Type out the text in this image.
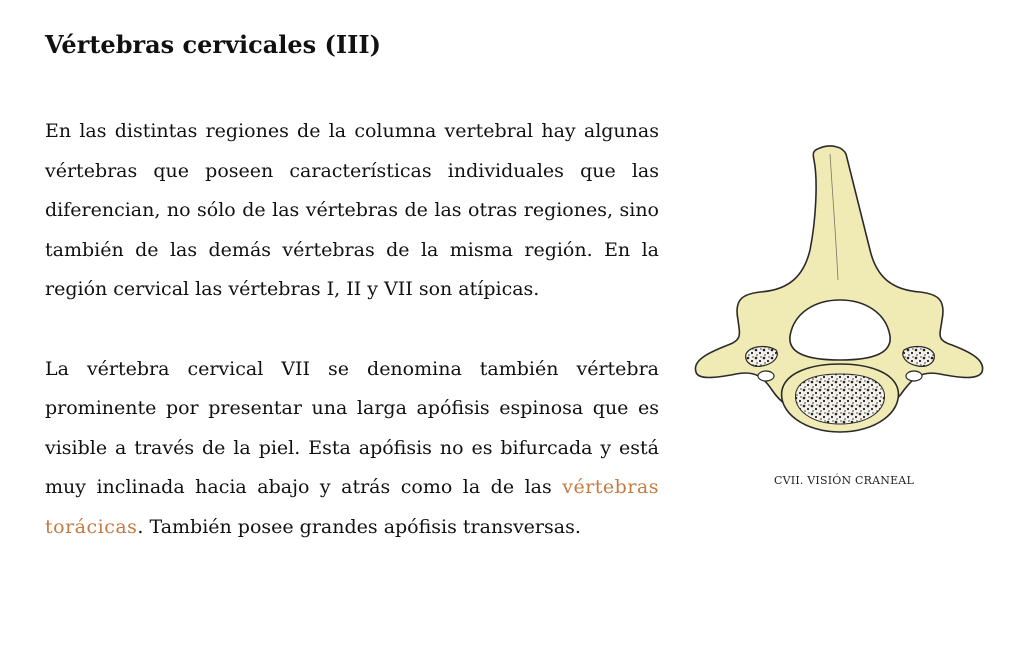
Vértebras cervicales (III)

En las distintas regiones de la columna vertebral hay algunas vértebras que poseen características individuales que las diferencian, no sólo de las vértebras de las otras regiones, sino también de las demás vértebras de la misma región. En la región cervical las vértebras I, II y VII son atípicas.

La vértebra cervical VII se denomina también vértebra prominente por presentar una larga apófisis espinosa que es visible a través de la piel. Esta apófisis no es bifurcada y está muy inclinada hacia abajo y atrás como la de las vértebras torácicas. También posee grandes apófisis transversas.

CVII. VISIÓN CRANEAL
